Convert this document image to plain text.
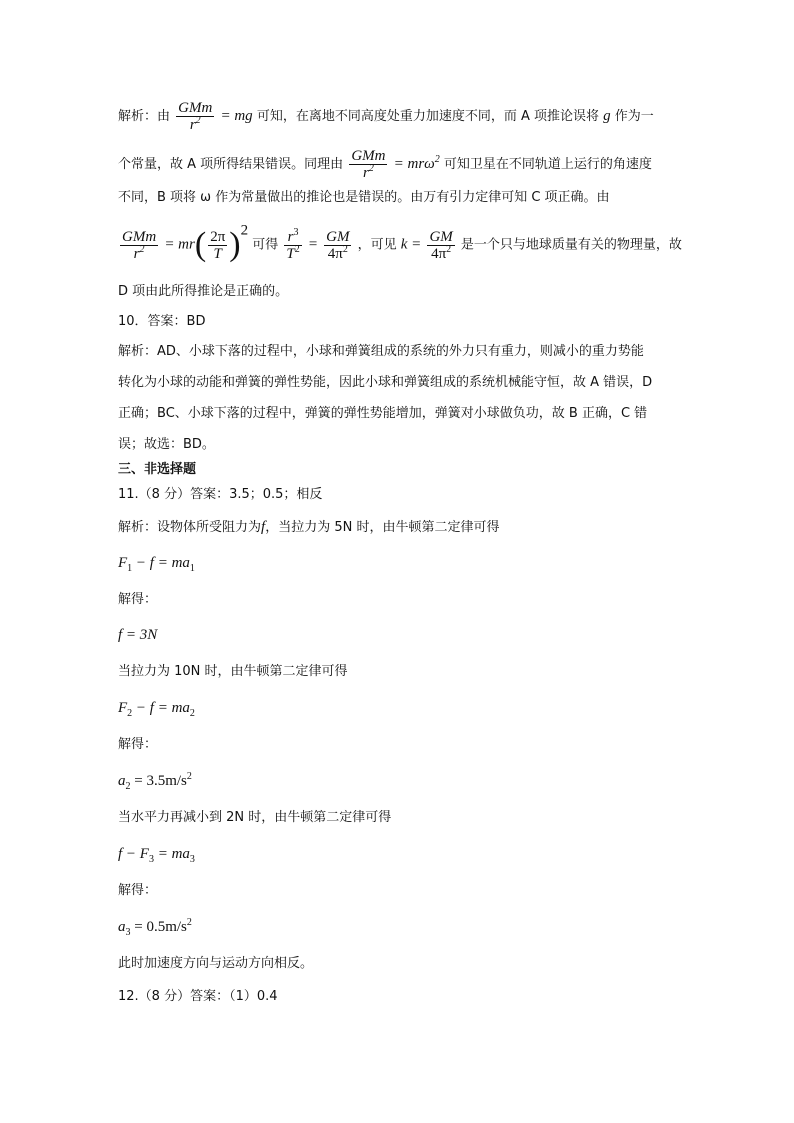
解析：由 $\frac{\text{GMm}}{r^2}$ = mg 可知，在离地不同高度处重力加速度不同，而 A 项推论误将 g 作为一
个常量，故 A 项所得结果错误。同理由 $\frac{\text{GMm}}{r^2} = mr\omega^2$ 可知卫星在不同轨道上运行的角速度
不同，B 项将 ω 作为常量做出的推论也是错误的。由万有引力定律可知 C 项正确。由
$\frac{\text{GMm}}{r^2} = mr( \frac{2\pi}{T} )^2$ 可得 $\frac{r^3}{T^2} = \frac{GM}{4\pi^2}$ ，可见 $k = \frac{GM}{4\pi^2}$ 是一个只与地球质量有关的物理量，故
D 项由此所得推论是正确的。
10．答案：BD
解析：AD、小球下落的过程中，小球和弹簧组成的系统的外力只有重力，则减小的重力势能
转化为小球的动能和弹簧的弹性势能，因此小球和弹簧组成的系统机械能守恒，故 A 错误，D
正确；BC、小球下落的过程中，弹簧的弹性势能增加，弹簧对小球做负功，故 B 正确，C 错
误；故选：BD。
三、非选择题
11.（8 分）答案：3.5；0.5；相反
解析：设物体所受阻力为f，当拉力为 5N 时，由牛顿第二定律可得
$F_1 - f = ma_1$
解得：
f = 3N
当拉力为 10N 时，由牛顿第二定律可得
$F_2 - f = ma_2$
解得：
$a_2 = 3.5m/s^2$
当水平力再减小到 2N 时，由牛顿第二定律可得
$f - F_3 = ma_3$
解得：
$a_3 = 0.5m/s^2$
此时加速度方向与运动方向相反。
12.（8 分）答案：（1）0.4
